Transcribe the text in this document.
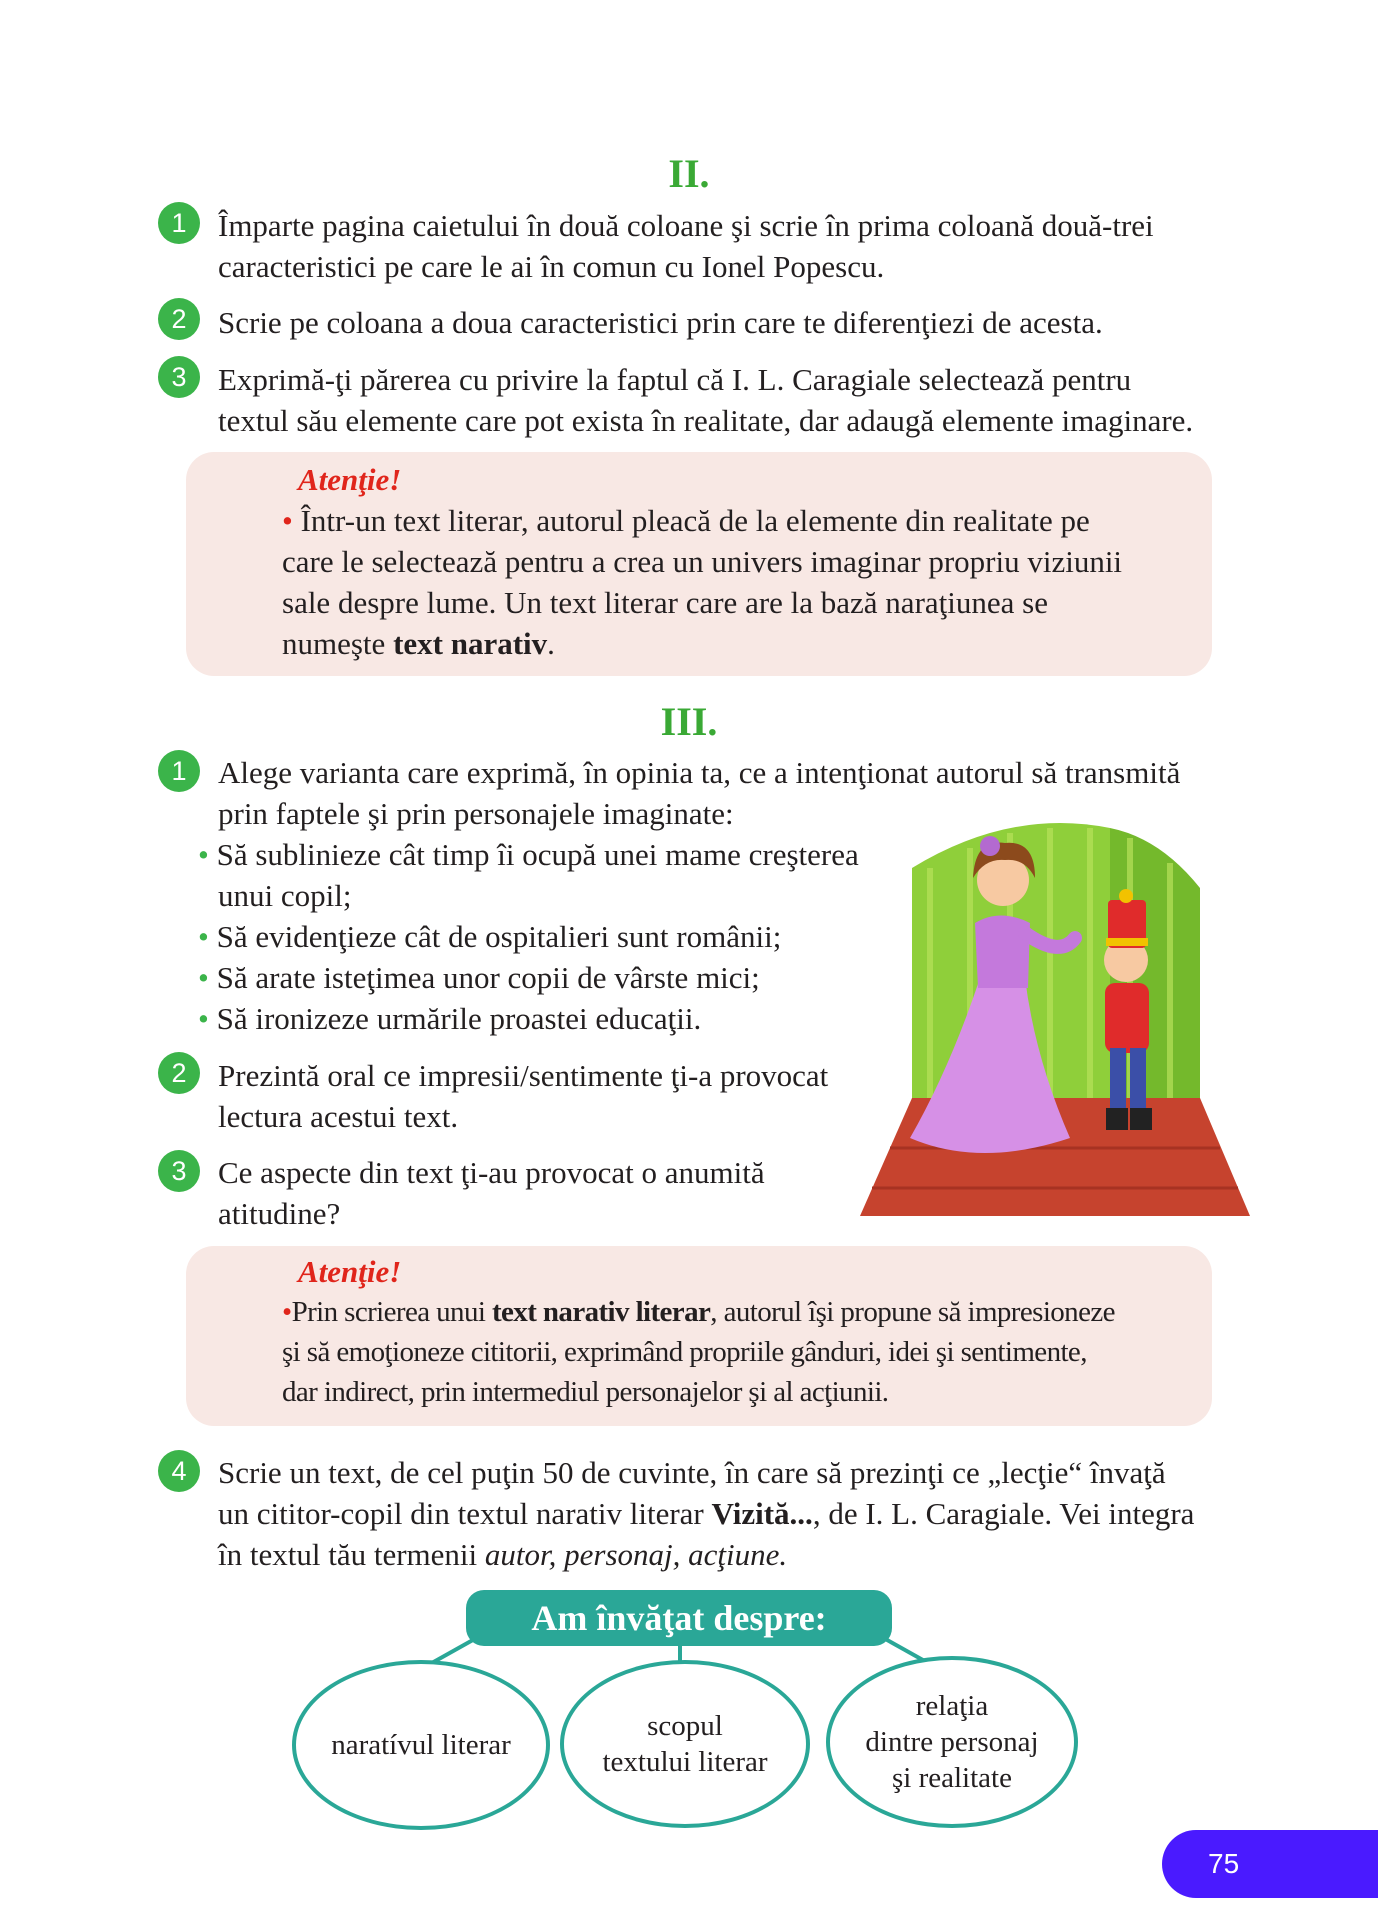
II.
1	Împarte pagina caietului în două coloane şi scrie în prima coloană două-trei
caracteristici pe care le ai în comun cu Ionel Popescu.
2	Scrie pe coloana a doua caracteristici prin care te diferenţiezi de acesta.
3	Exprimă-ţi părerea cu privire la faptul că I. L. Caragiale selectează pentru
textul său elemente care pot exista în realitate, dar adaugă elemente imaginare.
Atenţie!
• Într-un text literar, autorul pleacă de la elemente din realitate pe
care le selectează pentru a crea un univers imaginar propriu viziunii
sale despre lume. Un text literar care are la bază naraţiunea se
numeşte text narativ.
III.
1	Alege varianta care exprimă, în opinia ta, ce a intenţionat autorul să transmită
prin faptele şi prin personajele imaginate:
• Să sublinieze cât timp îi ocupă unei mame creşterea
unui copil;
• Să evidenţieze cât de ospitalieri sunt românii;
• Să arate isteţimea unor copii de vârste mici;
• Să ironizeze urmările proastei educaţii.
2	Prezintă oral ce impresii/sentimente ţi-a provocat
lectura acestui text.
3	Ce aspecte din text ţi-au provocat o anumită
atitudine?
Atenţie!
•Prin scrierea unui text narativ literar, autorul îşi propune să impresioneze
şi să emoţioneze cititorii, exprimând propriile gânduri, idei şi sentimente,
dar indirect, prin intermediul personajelor şi al acţiunii.
4	Scrie un text, de cel puţin 50 de cuvinte, în care să prezinţi ce „lecţie“ învaţă
un cititor-copil din textul narativ literar Vizită..., de I. L. Caragiale. Vei integra
în textul tău termenii autor, personaj, acţiune.
Am învăţat despre:
naratívul literar
scopul
textului literar
relaţia
dintre personaj
şi realitate
75
